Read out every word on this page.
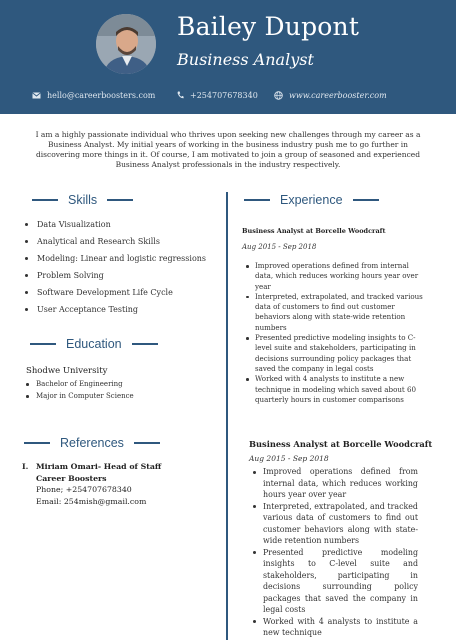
Bailey Dupont
Business Analyst
hello@careerboosters.com	+254707678340	www.careerbooster.com
I am a highly passionate individual who thrives upon seeking new challenges through my career as a Business Analyst. My initial years of working in the business industry push me to go further in discovering more things in it. Of course, I am motivated to join a group of seasoned and experienced Business Analyst professionals in the industry respectively.
Skills
Data Visualization
Analytical and Research Skills
Modeling: Linear and logistic regressions
Problem Solving
Software Development Life Cycle
User Acceptance Testing
Education
Shodwe University
Bachelor of Engineering
Major in Computer Science
References
I. Miriam Omari- Head of Staff
Career Boosters
Phone; +254707678340
Email: 254mish@gmail.com
Experience
Business Analyst at Borcelle Woodcraft
Aug 2015 - Sep 2018
Improved operations defined from internal data, which reduces working hours year over year
Interpreted, extrapolated, and tracked various data of customers to find out customer behaviors along with state-wide retention numbers
Presented predictive modeling insights to C-level suite and stakeholders, participating in decisions surrounding policy packages that saved the company in legal costs
Worked with 4 analysts to institute a new technique in modeling which saved about 60 quarterly hours in customer comparisons
Business Analyst at Borcelle Woodcraft
Aug 2015 - Sep 2018
Improved operations defined from internal data, which reduces working hours year over year
Interpreted, extrapolated, and tracked various data of customers to find out customer behaviors along with state-wide retention numbers
Presented predictive modeling insights to C-level suite and stakeholders, participating in decisions surrounding policy packages that saved the company in legal costs
Worked with 4 analysts to institute a new technique
